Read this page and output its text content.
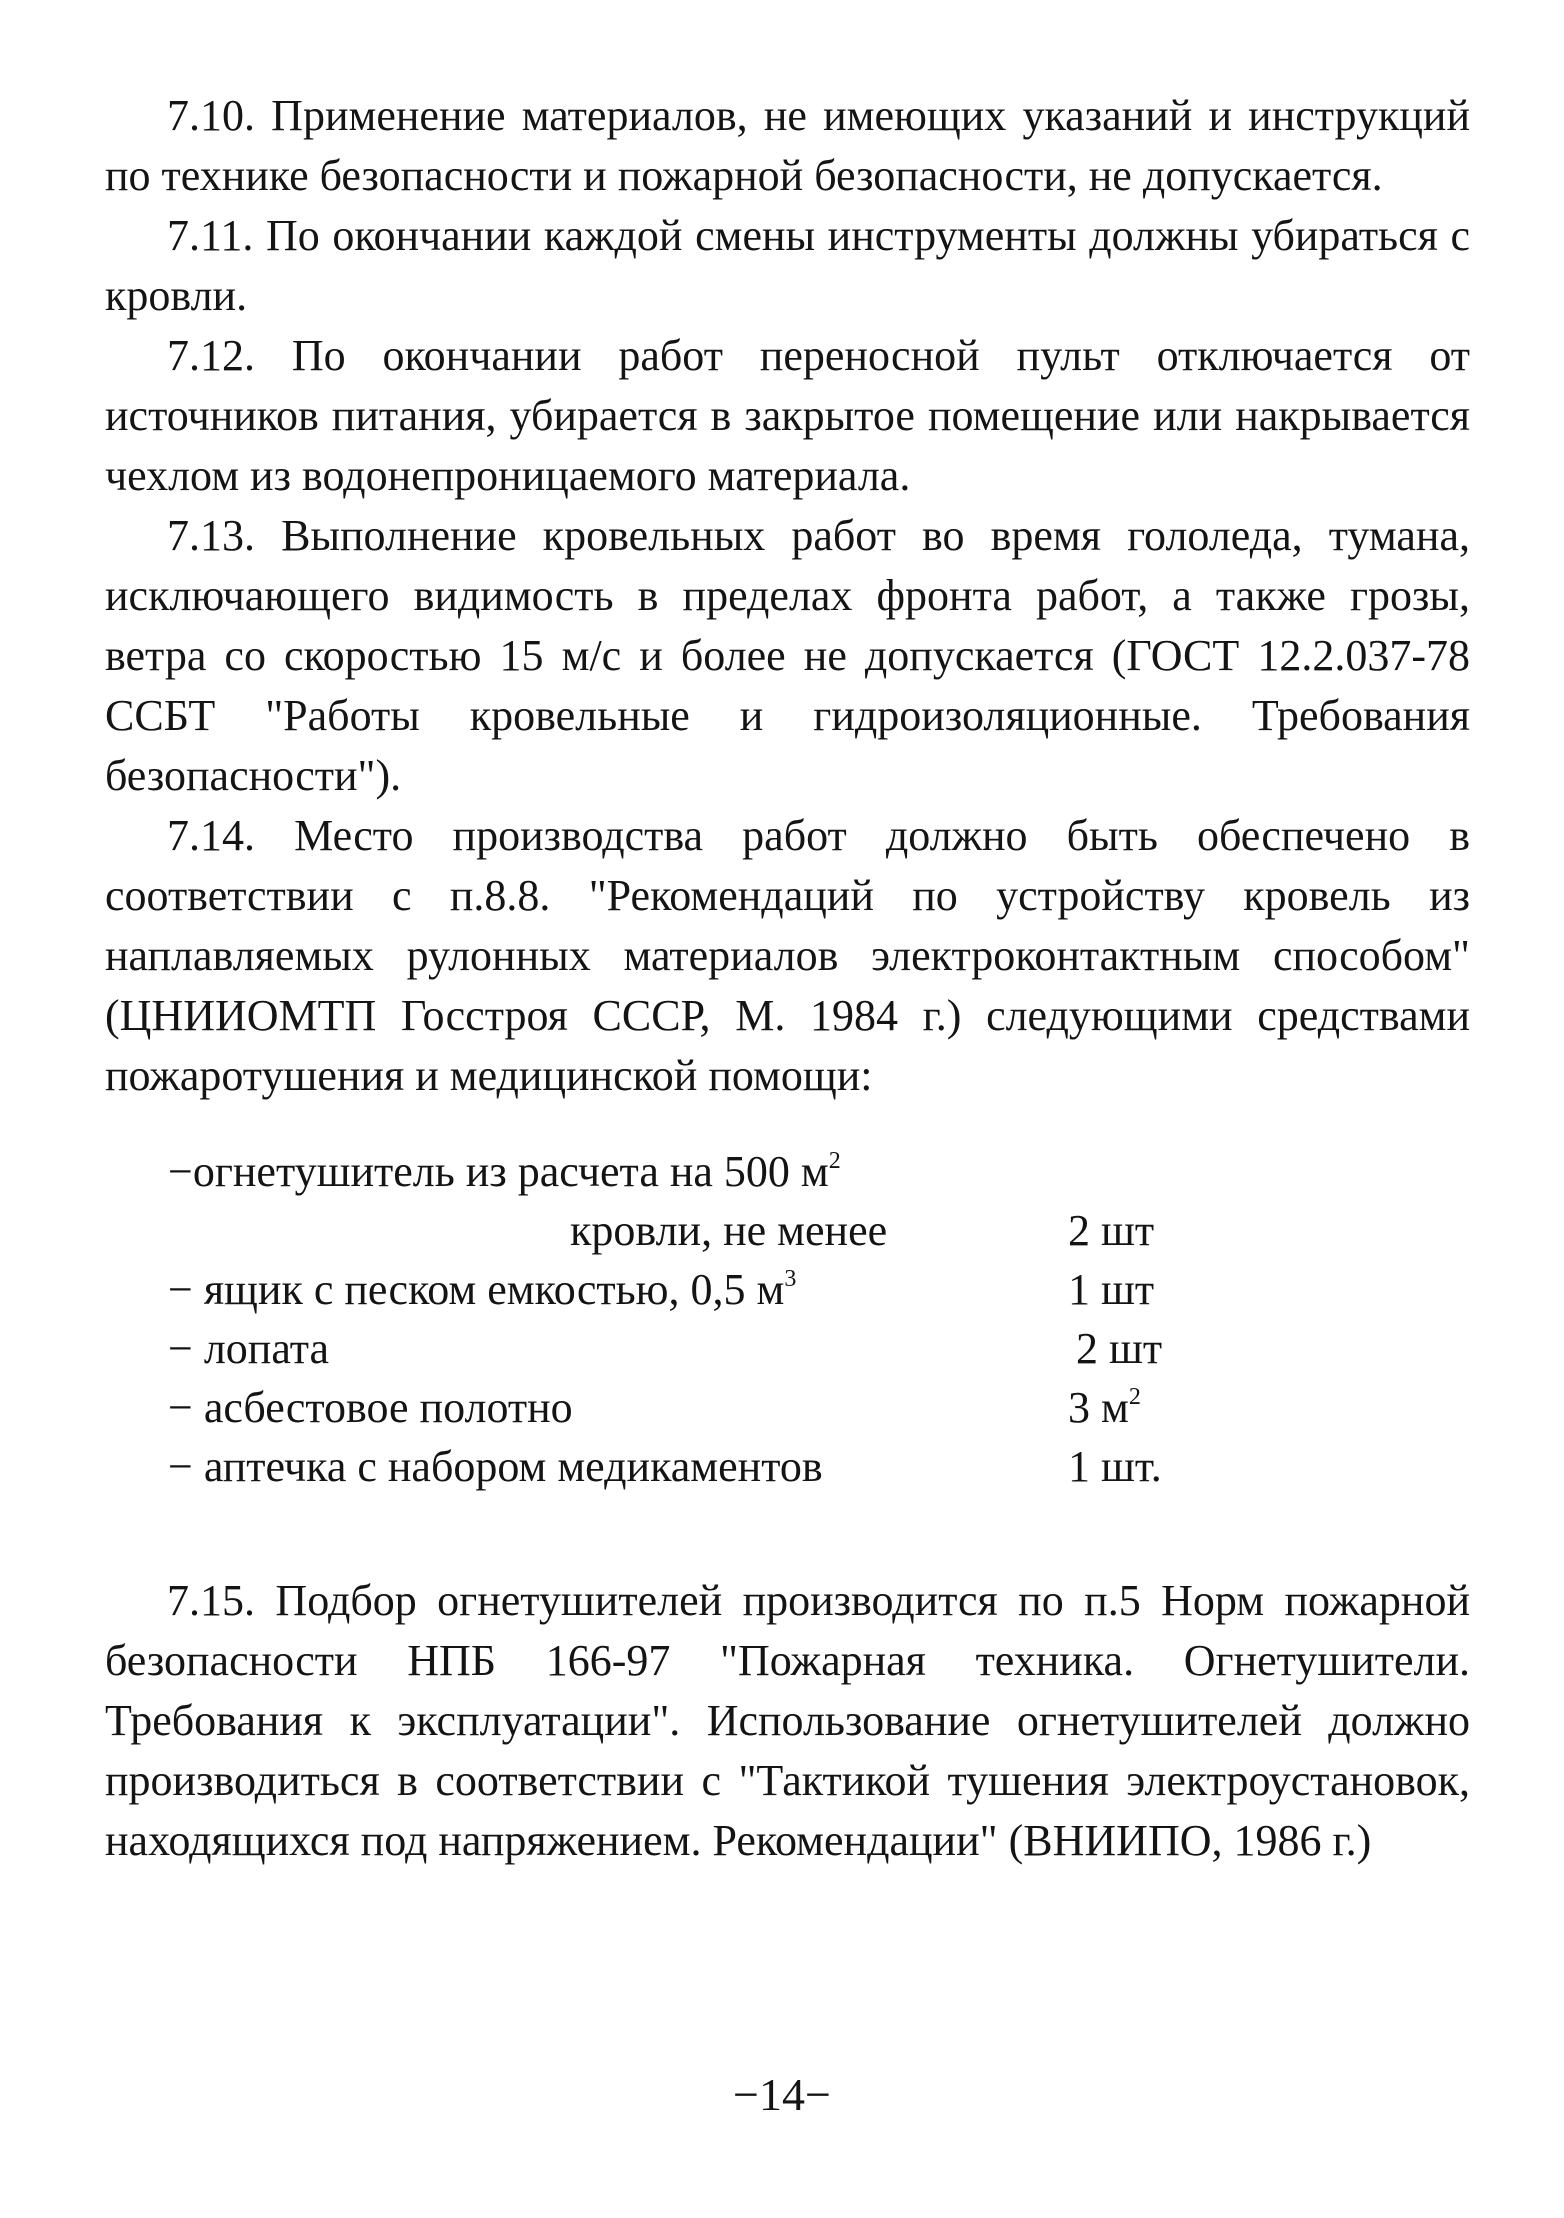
7.10. Применение материалов, не имеющих указаний и инструкций по технике безопасности и пожарной безопасности, не допускается.

7.11. По окончании каждой смены инструменты должны убираться с кровли.

7.12. По окончании работ переносной пульт отключается от источников питания, убирается в закрытое помещение или накрывается чехлом из водонепроницаемого материала.

7.13. Выполнение кровельных работ во время гололеда, тумана, исключающего видимость в пределах фронта работ, а также грозы, ветра со скоростью 15 м/с и более не допускается (ГОСТ 12.2.037-78 ССБТ "Работы кровельные и гидроизоляционные. Требования безопасности").

7.14. Место производства работ должно быть обеспечено в соответствии с п.8.8. "Рекомендаций по устройству кровель из наплавляемых рулонных материалов электроконтактным способом" (ЦНИИОМТП Госстроя СССР, М. 1984 г.) следующими средствами пожаротушения и медицинской помощи:

−огнетушитель из расчета на 500 $м^2$
кровли, не менее	2 шт
− ящик с песком емкостью, 0,5 $м^3$	1 шт
− лопата	2 шт
− асбестовое полотно	3 $м^2$
− аптечка с набором медикаментов	1 шт.

7.15. Подбор огнетушителей производится по п.5 Норм пожарной безопасности НПБ 166-97 "Пожарная техника. Огнетушители. Требования к эксплуатации". Использование огнетушителей должно производиться в соответствии с "Тактикой тушения электроустановок, находящихся под напряжением. Рекомендации" (ВНИИПО, 1986 г.)

−14−
